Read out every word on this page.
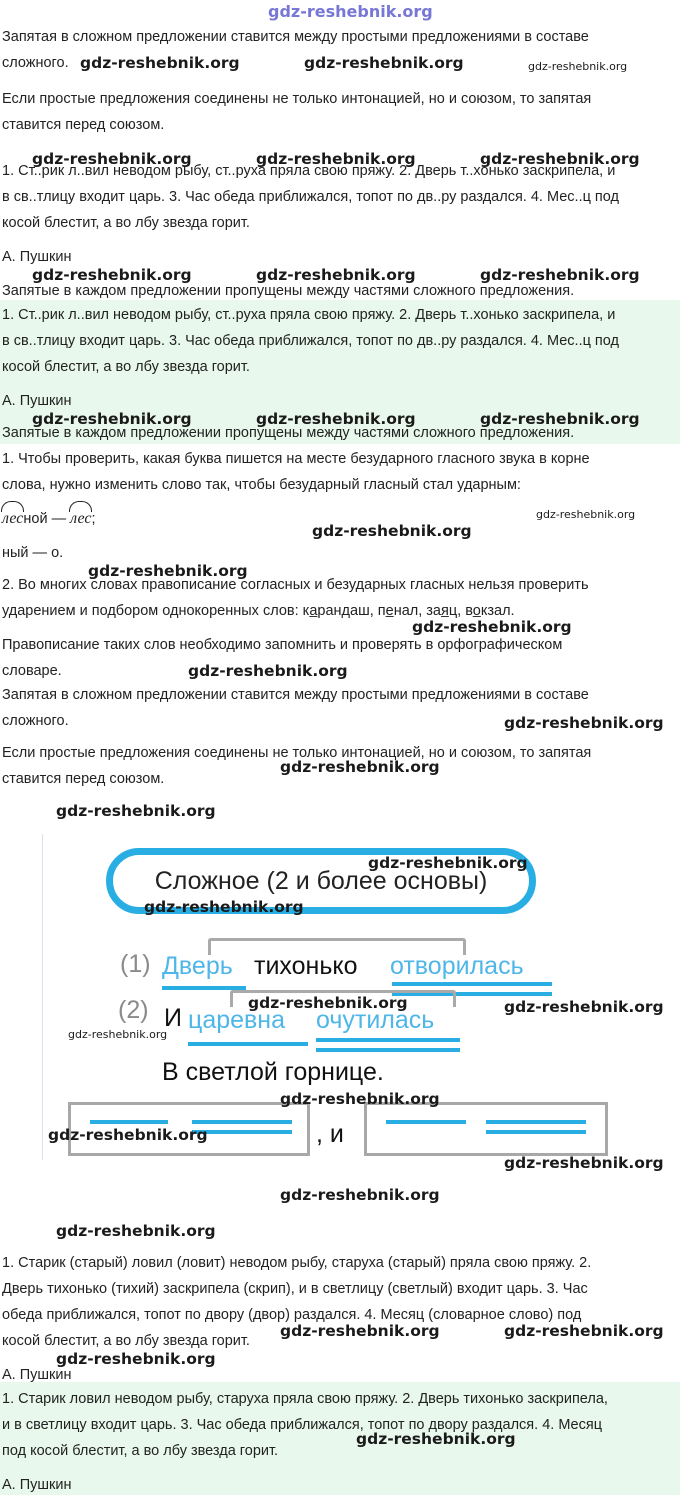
Запятая в сложном предложении ставится между простыми предложениями в составе

сложного.

Если простые предложения соединены не только интонацией, но и союзом, то запятая

ставится перед союзом.

1. Ст..рик л..вил неводом рыбу, ст..руха пряла свою пряжу. 2. Дверь т..хонько заскрипела, и

в св..тлицу входит царь. 3. Час обеда приближался, топот по дв..ру раздался. 4. Мес..ц под

косой блестит, а во лбу звезда горит.

А. Пушкин

Запятые в каждом предложении пропущены между частями сложного предложения.

1. Ст..рик л..вил неводом рыбу, ст..руха пряла свою пряжу. 2. Дверь т..хонько заскрипела, и

в св..тлицу входит царь. 3. Час обеда приближался, топот по дв..ру раздался. 4. Мес..ц под

косой блестит, а во лбу звезда горит.

А. Пушкин

Запятые в каждом предложении пропущены между частями сложного предложения.

1. Чтобы проверить, какая буква пишется на месте безударного гласного звука в корне

слова, нужно изменить слово так, чтобы безударный гласный стал ударным:

лесной — лес;

ный — о.

2. Во многих словах правописание согласных и безударных гласных нельзя проверить

ударением и подбором однокоренных слов: карандаш, пенал, заяц, вокзал.

Правописание таких слов необходимо запомнить и проверять в орфографическом

словаре.

Запятая в сложном предложении ставится между простыми предложениями в составе

сложного.

Если простые предложения соединены не только интонацией, но и союзом, то запятая

ставится перед союзом.

Сложное (2 и более основы)
(1) Дверь тихонько отворилась
(2) И царевна очутилась
В светлой горнице.
, и

1. Старик (старый) ловил (ловит) неводом рыбу, старуха (старый) пряла свою пряжу. 2.

Дверь тихонько (тихий) заскрипела (скрип), и в светлицу (светлый) входит царь. 3. Час

обеда приближался, топот по двору (двор) раздался. 4. Месяц (словарное слово) под

косой блестит, а во лбу звезда горит.

А. Пушкин

1. Старик ловил неводом рыбу, старуха пряла свою пряжу. 2. Дверь тихонько заскрипела,

и в светлицу входит царь. 3. Час обеда приближался, топот по двору раздался. 4. Месяц

под косой блестит, а во лбу звезда горит.

А. Пушкин

gdz-reshebnik.org
gdz-reshebnik.org	gdz-reshebnik.org	gdz-reshebnik.org
gdz-reshebnik.org	gdz-reshebnik.org	gdz-reshebnik.org
gdz-reshebnik.org	gdz-reshebnik.org	gdz-reshebnik.org
gdz-reshebnik.org	gdz-reshebnik.org	gdz-reshebnik.org
gdz-reshebnik.org
gdz-reshebnik.org
gdz-reshebnik.org
gdz-reshebnik.org
gdz-reshebnik.org
gdz-reshebnik.org
gdz-reshebnik.org
gdz-reshebnik.org
gdz-reshebnik.org
gdz-reshebnik.org
gdz-reshebnik.org	gdz-reshebnik.org
gdz-reshebnik.org
gdz-reshebnik.org
gdz-reshebnik.org
gdz-reshebnik.org
gdz-reshebnik.org
gdz-reshebnik.org
gdz-reshebnik.org	gdz-reshebnik.org
gdz-reshebnik.org
gdz-reshebnik.org
